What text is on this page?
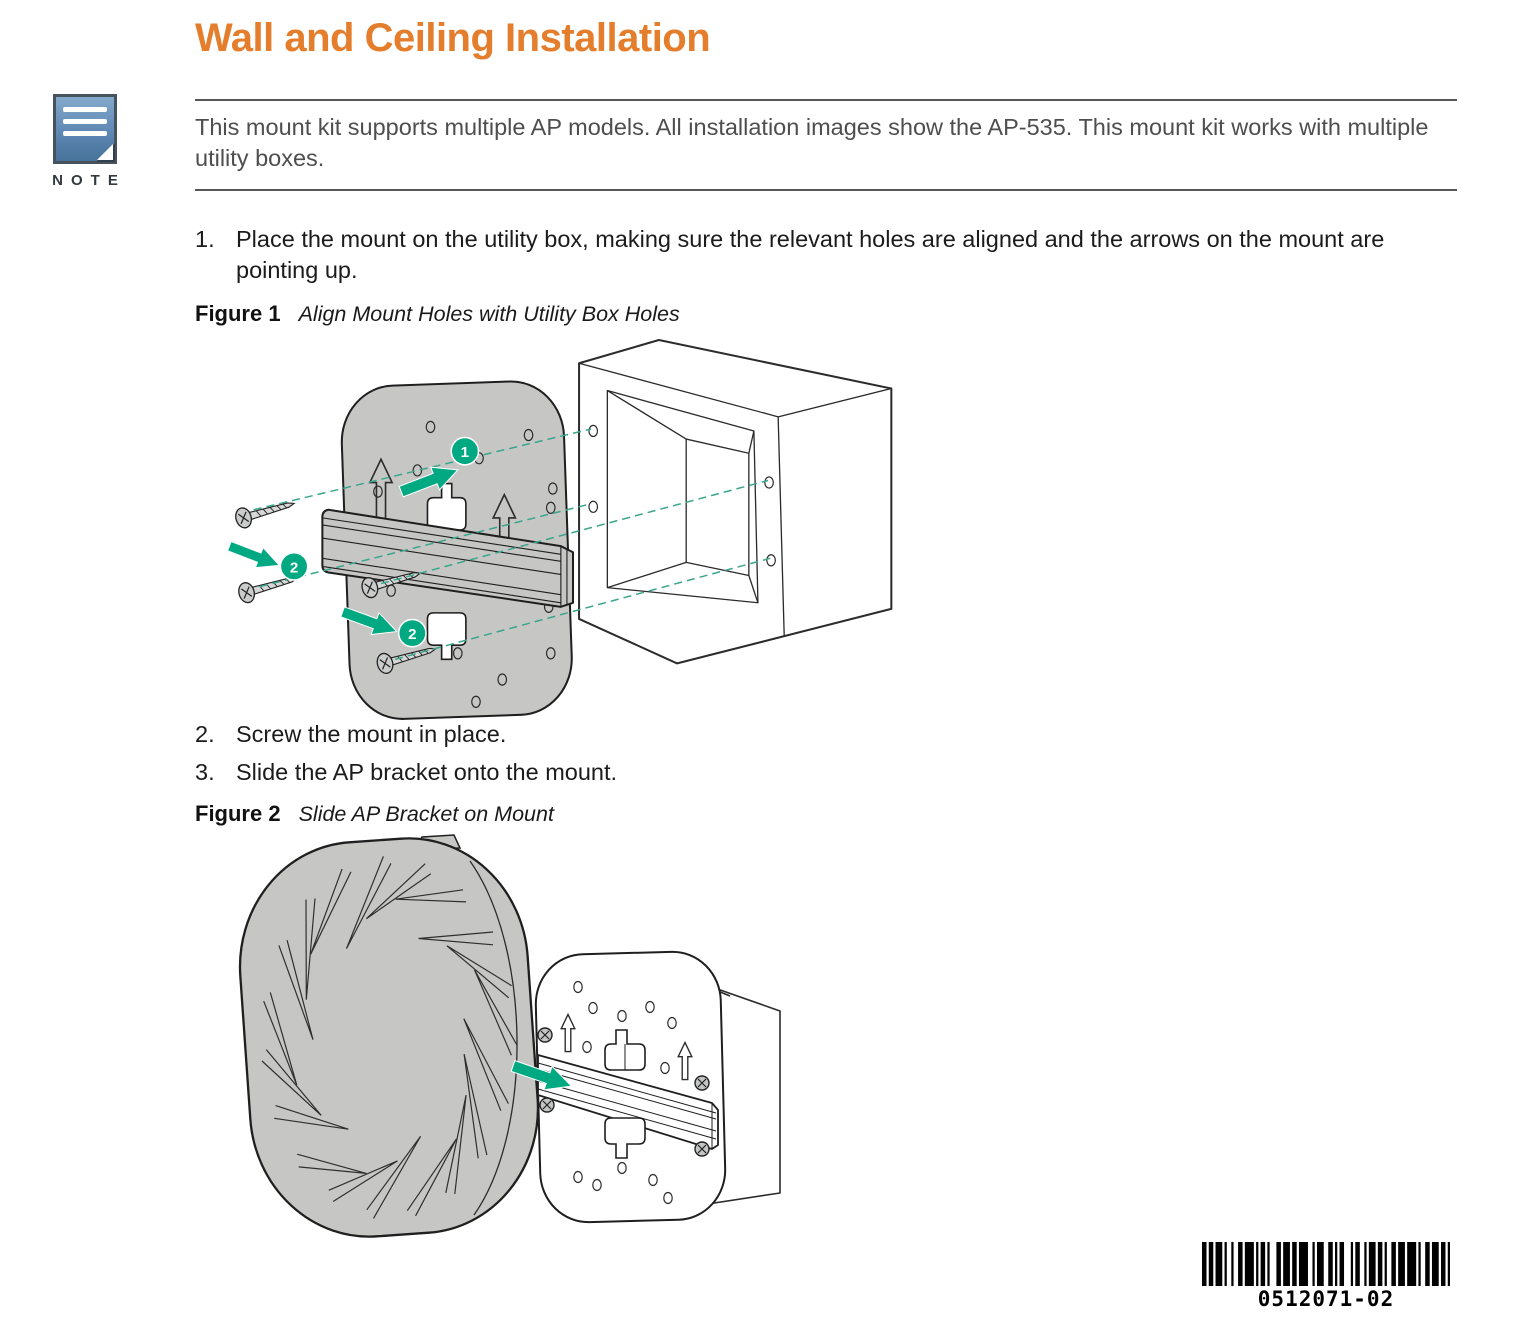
Wall and Ceiling Installation
NOTE
This mount kit supports multiple AP models. All installation images show the AP-535. This mount kit works with multiple utility boxes.
1. Place the mount on the utility box, making sure the relevant holes are aligned and the arrows on the mount are pointing up.
Figure 1 Align Mount Holes with Utility Box Holes
1
2
2
2. Screw the mount in place.
3. Slide the AP bracket onto the mount.
Figure 2 Slide AP Bracket on Mount
0512071-02
